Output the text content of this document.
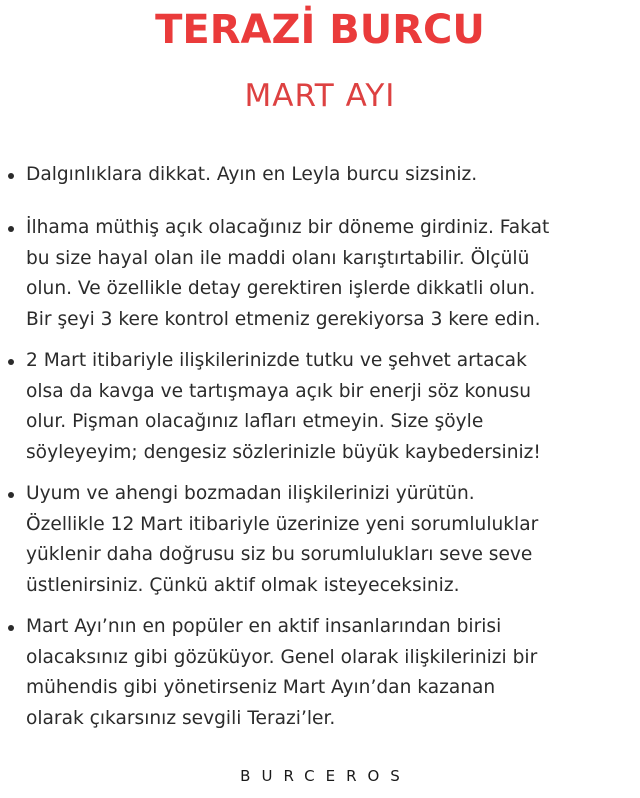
TERAZİ BURCU
MART AYI
Dalgınlıklara dikkat. Ayın en Leyla burcu sizsiniz.
İlhama müthiş açık olacağınız bir döneme girdiniz. Fakat
bu size hayal olan ile maddi olanı karıştırtabilir. Ölçülü
olun. Ve özellikle detay gerektiren işlerde dikkatli olun.
Bir şeyi 3 kere kontrol etmeniz gerekiyorsa 3 kere edin.
2 Mart itibariyle ilişkilerinizde tutku ve şehvet artacak
olsa da kavga ve tartışmaya açık bir enerji söz konusu
olur. Pişman olacağınız lafları etmeyin. Size şöyle
söyleyeyim; dengesiz sözlerinizle büyük kaybedersiniz!
Uyum ve ahengi bozmadan ilişkilerinizi yürütün.
Özellikle 12 Mart itibariyle üzerinize yeni sorumluluklar
yüklenir daha doğrusu siz bu sorumlulukları seve seve
üstlenirsiniz. Çünkü aktif olmak isteyeceksiniz.
Mart Ayı’nın en popüler en aktif insanlarından birisi
olacaksınız gibi gözüküyor. Genel olarak ilişkilerinizi bir
mühendis gibi yönetirseniz Mart Ayın’dan kazanan
olarak çıkarsınız sevgili Terazi’ler.
BURCEROS
